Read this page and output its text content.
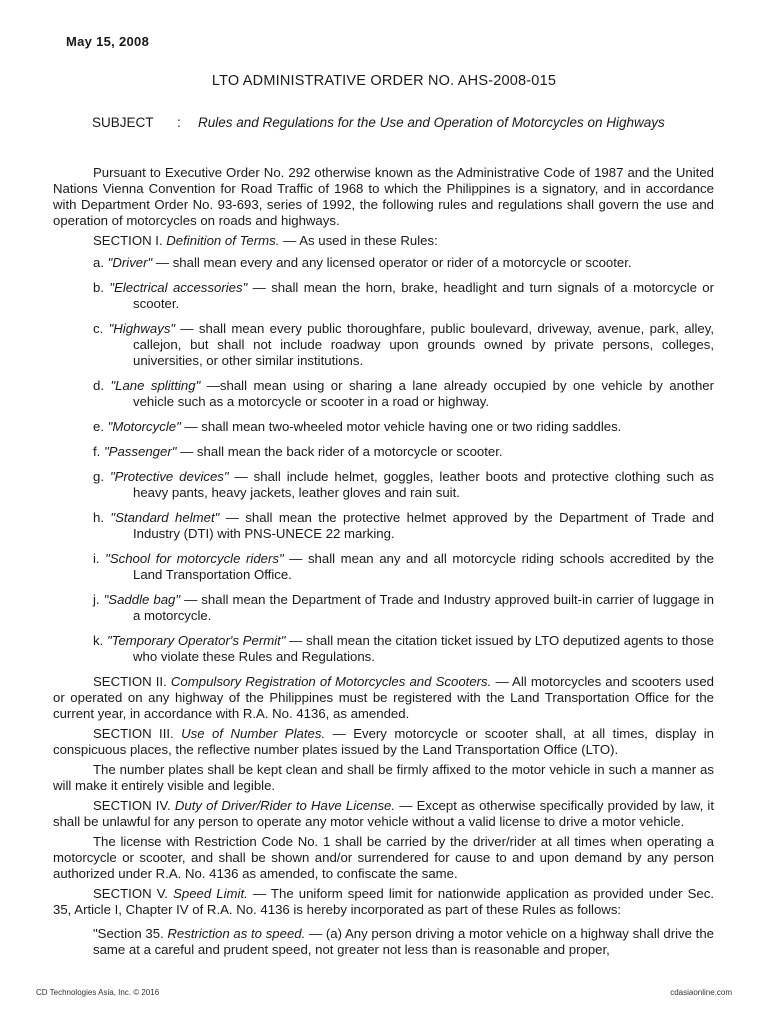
May 15, 2008
LTO ADMINISTRATIVE ORDER NO. AHS-2008-015
SUBJECT : Rules and Regulations for the Use and Operation of Motorcycles on Highways

Pursuant to Executive Order No. 292 otherwise known as the Administrative Code of 1987 and the United Nations Vienna Convention for Road Traffic of 1968 to which the Philippines is a signatory, and in accordance with Department Order No. 93-693, series of 1992, the following rules and regulations shall govern the use and operation of motorcycles on roads and highways.

SECTION I. Definition of Terms. — As used in these Rules:

a. "Driver" — shall mean every and any licensed operator or rider of a motorcycle or scooter.
b. "Electrical accessories" — shall mean the horn, brake, headlight and turn signals of a motorcycle or scooter.
c. "Highways" — shall mean every public thoroughfare, public boulevard, driveway, avenue, park, alley, callejon, but shall not include roadway upon grounds owned by private persons, colleges, universities, or other similar institutions.
d. "Lane splitting" —shall mean using or sharing a lane already occupied by one vehicle by another vehicle such as a motorcycle or scooter in a road or highway.
e. "Motorcycle" — shall mean two-wheeled motor vehicle having one or two riding saddles.
f. "Passenger" — shall mean the back rider of a motorcycle or scooter.
g. "Protective devices" — shall include helmet, goggles, leather boots and protective clothing such as heavy pants, heavy jackets, leather gloves and rain suit.
h. "Standard helmet" — shall mean the protective helmet approved by the Department of Trade and Industry (DTI) with PNS-UNECE 22 marking.
i. "School for motorcycle riders" — shall mean any and all motorcycle riding schools accredited by the Land Transportation Office.
j. "Saddle bag" — shall mean the Department of Trade and Industry approved built-in carrier of luggage in a motorcycle.
k. "Temporary Operator's Permit" — shall mean the citation ticket issued by LTO deputized agents to those who violate these Rules and Regulations.

SECTION II. Compulsory Registration of Motorcycles and Scooters. — All motorcycles and scooters used or operated on any highway of the Philippines must be registered with the Land Transportation Office for the current year, in accordance with R.A. No. 4136, as amended.

SECTION III. Use of Number Plates. — Every motorcycle or scooter shall, at all times, display in conspicuous places, the reflective number plates issued by the Land Transportation Office (LTO).

The number plates shall be kept clean and shall be firmly affixed to the motor vehicle in such a manner as will make it entirely visible and legible.

SECTION IV. Duty of Driver/Rider to Have License. — Except as otherwise specifically provided by law, it shall be unlawful for any person to operate any motor vehicle without a valid license to drive a motor vehicle.

The license with Restriction Code No. 1 shall be carried by the driver/rider at all times when operating a motorcycle or scooter, and shall be shown and/or surrendered for cause to and upon demand by any person authorized under R.A. No. 4136 as amended, to confiscate the same.

SECTION V. Speed Limit. — The uniform speed limit for nationwide application as provided under Sec. 35, Article I, Chapter IV of R.A. No. 4136 is hereby incorporated as part of these Rules as follows:

"Section 35. Restriction as to speed. — (a) Any person driving a motor vehicle on a highway shall drive the same at a careful and prudent speed, not greater not less than is reasonable and proper,

CD Technologies Asia, Inc. © 2016	cdasiaonline.com
